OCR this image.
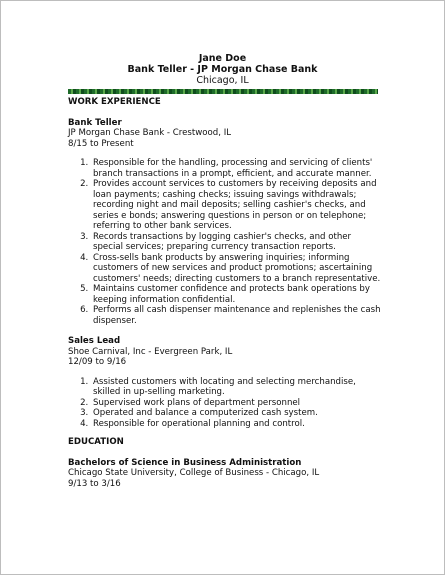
Jane Doe
Bank Teller - JP Morgan Chase Bank
Chicago, IL
WORK EXPERIENCE
Bank Teller
JP Morgan Chase Bank - Crestwood, IL
8/15 to Present
1. Responsible for the handling, processing and servicing of clients' branch transactions in a prompt, efficient, and accurate manner.
2. Provides account services to customers by receiving deposits and loan payments; cashing checks; issuing savings withdrawals; recording night and mail deposits; selling cashier's checks, and series e bonds; answering questions in person or on telephone; referring to other bank services.
3. Records transactions by logging cashier's checks, and other special services; preparing currency transaction reports.
4. Cross-sells bank products by answering inquiries; informing customers of new services and product promotions; ascertaining customers' needs; directing customers to a branch representative.
5. Maintains customer confidence and protects bank operations by keeping information confidential.
6. Performs all cash dispenser maintenance and replenishes the cash dispenser.
Sales Lead
Shoe Carnival, Inc - Evergreen Park, IL
12/09 to 9/16
1. Assisted customers with locating and selecting merchandise, skilled in up-selling marketing.
2. Supervised work plans of department personnel
3. Operated and balance a computerized cash system.
4. Responsible for operational planning and control.
EDUCATION
Bachelors of Science in Business Administration
Chicago State University, College of Business - Chicago, IL
9/13 to 3/16
